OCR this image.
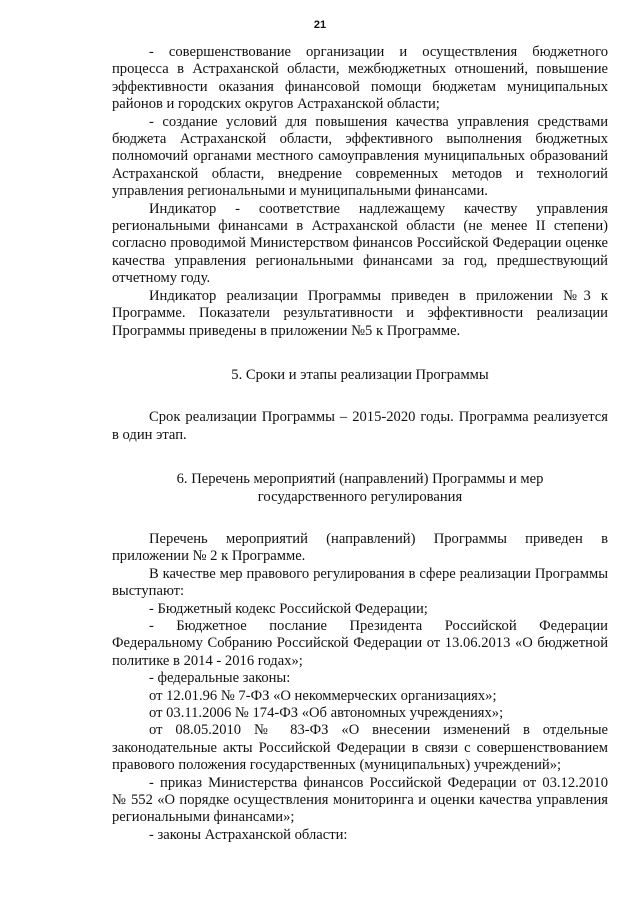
21

- совершенствование организации и осуществления бюджетного процесса в Астраханской области, межбюджетных отношений, повышение эффективности оказания финансовой помощи бюджетам муниципальных районов и городских округов Астраханской области;

- создание условий для повышения качества управления средствами бюджета Астраханской области, эффективного выполнения бюджетных полномочий органами местного самоуправления муниципальных образований Астраханской области, внедрение современных методов и технологий управления региональными и муниципальными финансами.

Индикатор - соответствие надлежащему качеству управления региональными финансами в Астраханской области (не менее II степени) согласно проводимой Министерством финансов Российской Федерации оценке качества управления региональными финансами за год, предшествующий отчетному году.

Индикатор реализации Программы приведен в приложении №3 к Программе. Показатели результативности и эффективности реализации Программы приведены в приложении №5 к Программе.

5. Сроки и этапы реализации Программы

Срок реализации Программы – 2015-2020 годы. Программа реализуется в один этап.

6. Перечень мероприятий (направлений) Программы и мер
государственного регулирования

Перечень мероприятий (направлений) Программы приведен в приложении № 2 к Программе.

В качестве мер правового регулирования в сфере реализации Программы выступают:

- Бюджетный кодекс Российской Федерации;

- Бюджетное послание Президента Российской Федерации Федеральному Собранию Российской Федерации от 13.06.2013 «О бюджетной политике в 2014 - 2016 годах»;

- федеральные законы:

от 12.01.96 № 7-ФЗ «О некоммерческих организациях»;

от 03.11.2006 № 174-ФЗ «Об автономных учреждениях»;

от 08.05.2010 № 83-ФЗ «О внесении изменений в отдельные законодательные акты Российской Федерации в связи с совершенствованием правового положения государственных (муниципальных) учреждений»;

- приказ Министерства финансов Российской Федерации от 03.12.2010 № 552 «О порядке осуществления мониторинга и оценки качества управления региональными финансами»;

- законы Астраханской области:
